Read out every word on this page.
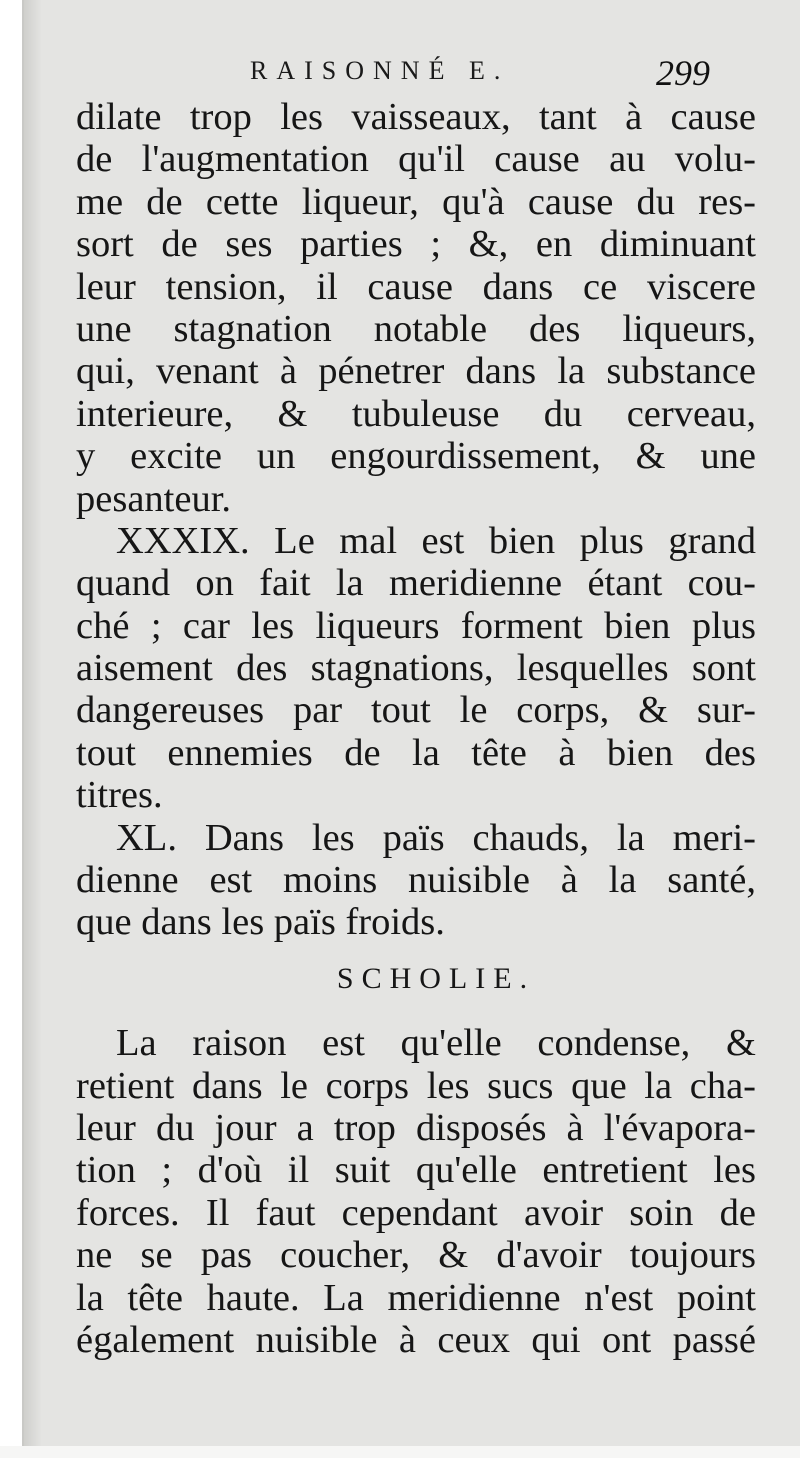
RAISONNÉ E.	299
dilate trop les vaisseaux, tant à cause
de l'augmentation qu'il cause au volu-
me de cette liqueur, qu'à cause du res-
sort de ses parties ; &, en diminuant
leur tension, il cause dans ce viscere
une stagnation notable des liqueurs,
qui, venant à pénetrer dans la substance
interieure, & tubuleuse du cerveau,
y excite un engourdissement, & une
pesanteur.
XXXIX. Le mal est bien plus grand
quand on fait la meridienne étant cou-
ché ; car les liqueurs forment bien plus
aisement des stagnations, lesquelles sont
dangereuses par tout le corps, & sur-
tout ennemies de la tête à bien des
titres.
XL. Dans les païs chauds, la meri-
dienne est moins nuisible à la santé,
que dans les païs froids.
SCHOLIE.
La raison est qu'elle condense, &
retient dans le corps les sucs que la cha-
leur du jour a trop disposés à l'évapora-
tion ; d'où il suit qu'elle entretient les
forces. Il faut cependant avoir soin de
ne se pas coucher, & d'avoir toujours
la tête haute. La meridienne n'est point
également nuisible à ceux qui ont passé
